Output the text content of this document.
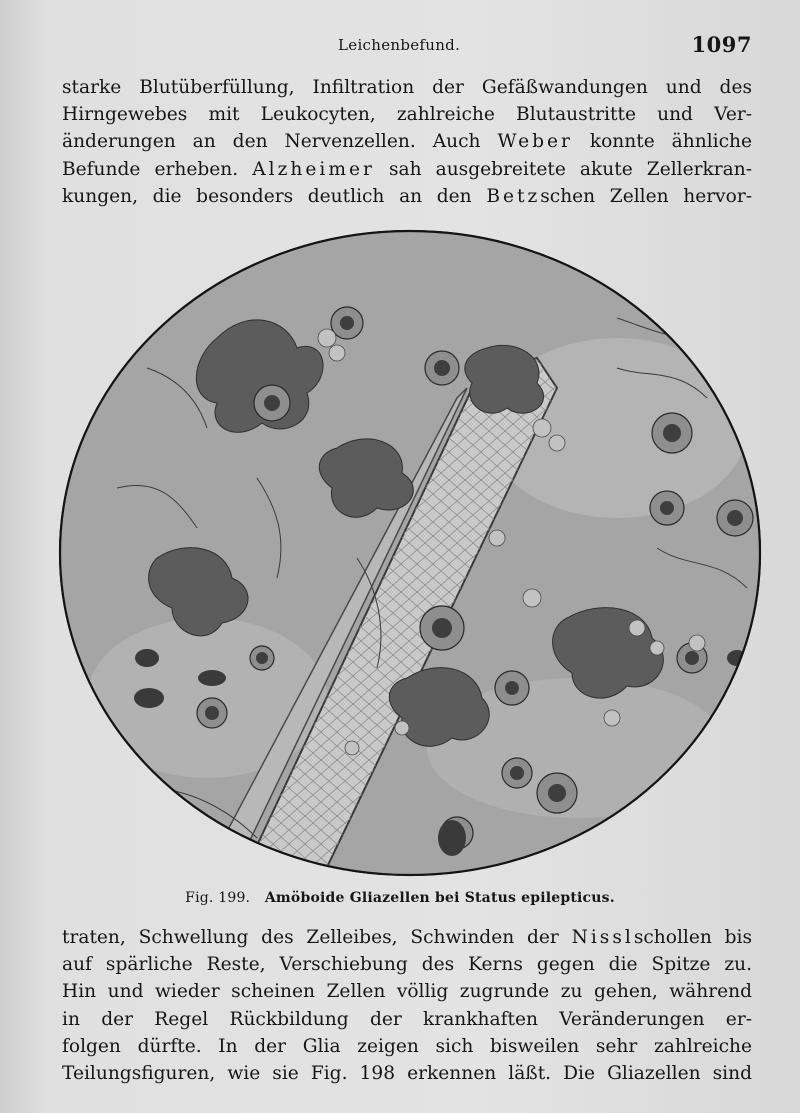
Leichenbefund.	1097
starke Blutüberfüllung, Infiltration der Gefäßwandungen und des
Hirngewebes mit Leukocyten, zahlreiche Blutaustritte und Ver-
änderungen an den Nervenzellen. Auch Weber konnte ähnliche
Befunde erheben. Alzheimer sah ausgebreitete akute Zellerkran-
kungen, die besonders deutlich an den Betzschen Zellen hervor-
Fig. 199. Amöboide Gliazellen bei Status epilepticus.
traten, Schwellung des Zelleibes, Schwinden der Nisslschollen bis
auf spärliche Reste, Verschiebung des Kerns gegen die Spitze zu.
Hin und wieder scheinen Zellen völlig zugrunde zu gehen, während
in der Regel Rückbildung der krankhaften Veränderungen er-
folgen dürfte. In der Glia zeigen sich bisweilen sehr zahlreiche
Teilungsfiguren, wie sie Fig. 198 erkennen läßt. Die Gliazellen sind
